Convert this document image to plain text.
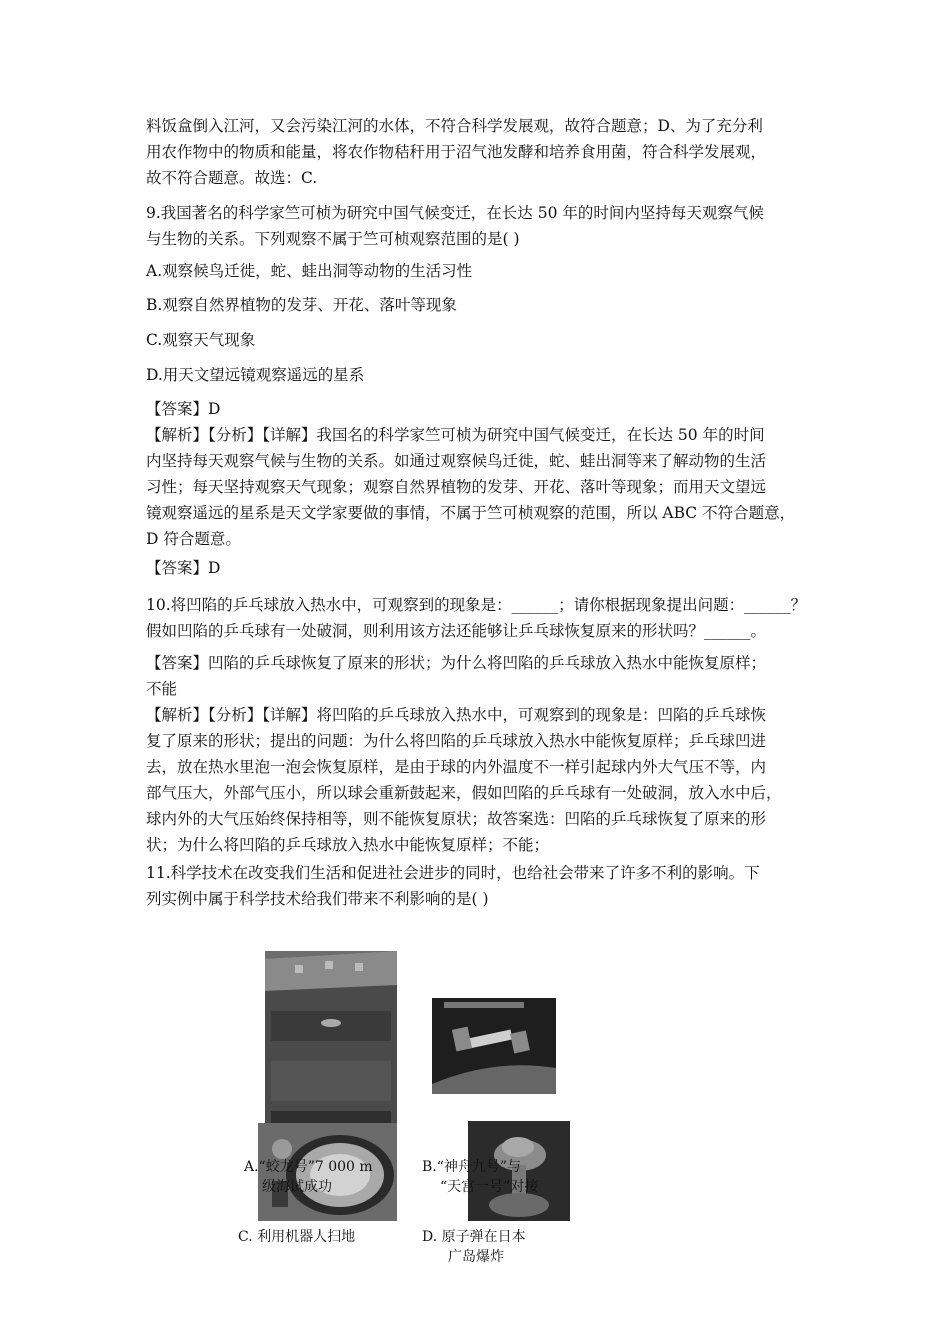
料饭盒倒入江河，又会污染江河的水体，不符合科学发展观，故符合题意；D、为了充分利
用农作物中的物质和能量，将农作物秸秆用于沼气池发酵和培养食用菌，符合科学发展观，
故不符合题意。故选：C.
9.我国著名的科学家竺可桢为研究中国气候变迁，在长达 50 年的时间内坚持每天观察气候
与生物的关系。下列观察不属于竺可桢观察范围的是( )
A.观察候鸟迁徙，蛇、蛙出洞等动物的生活习性
B.观察自然界植物的发芽、开花、落叶等现象
C.观察天气现象
D.用天文望远镜观察遥远的星系
【答案】D
【解析】【分析】【详解】我国名的科学家竺可桢为研究中国气候变迁，在长达 50 年的时间
内坚持每天观察气候与生物的关系。如通过观察候鸟迁徙，蛇、蛙出洞等来了解动物的生活
习性；每天坚持观察天气现象；观察自然界植物的发芽、开花、落叶等现象；而用天文望远
镜观察遥远的星系是天文学家要做的事情，不属于竺可桢观察的范围，所以 ABC 不符合题意，
D 符合题意。
【答案】D
10.将凹陷的乒乓球放入热水中，可观察到的现象是：______；请你根据现象提出问题：______？
假如凹陷的乒乓球有一处破洞，则利用该方法还能够让乒乓球恢复原来的形状吗？______。
【答案】凹陷的乒乓球恢复了原来的形状；为什么将凹陷的乒乓球放入热水中能恢复原样；
不能
【解析】【分析】【详解】将凹陷的乒乓球放入热水中，可观察到的现象是：凹陷的乒乓球恢
复了原来的形状；提出的问题：为什么将凹陷的乒乓球放入热水中能恢复原样；乒乓球凹进
去，放在热水里泡一泡会恢复原样，是由于球的内外温度不一样引起球内外大气压不等，内
部气压大，外部气压小，所以球会重新鼓起来，假如凹陷的乒乓球有一处破洞，放入水中后，
球内外的大气压始终保持相等，则不能恢复原状；故答案选：凹陷的乒乓球恢复了原来的形
状；为什么将凹陷的乒乓球放入热水中能恢复原样；不能；
11.科学技术在改变我们生活和促进社会进步的同时，也给社会带来了许多不利的影响。下
列实例中属于科学技术给我们带来不利影响的是( )
A.“蛟龙号”7 000 m
级海试成功
B.“神舟九号”与
“天宫一号”对接
C. 利用机器人扫地	D. 原子弹在日本
广岛爆炸
